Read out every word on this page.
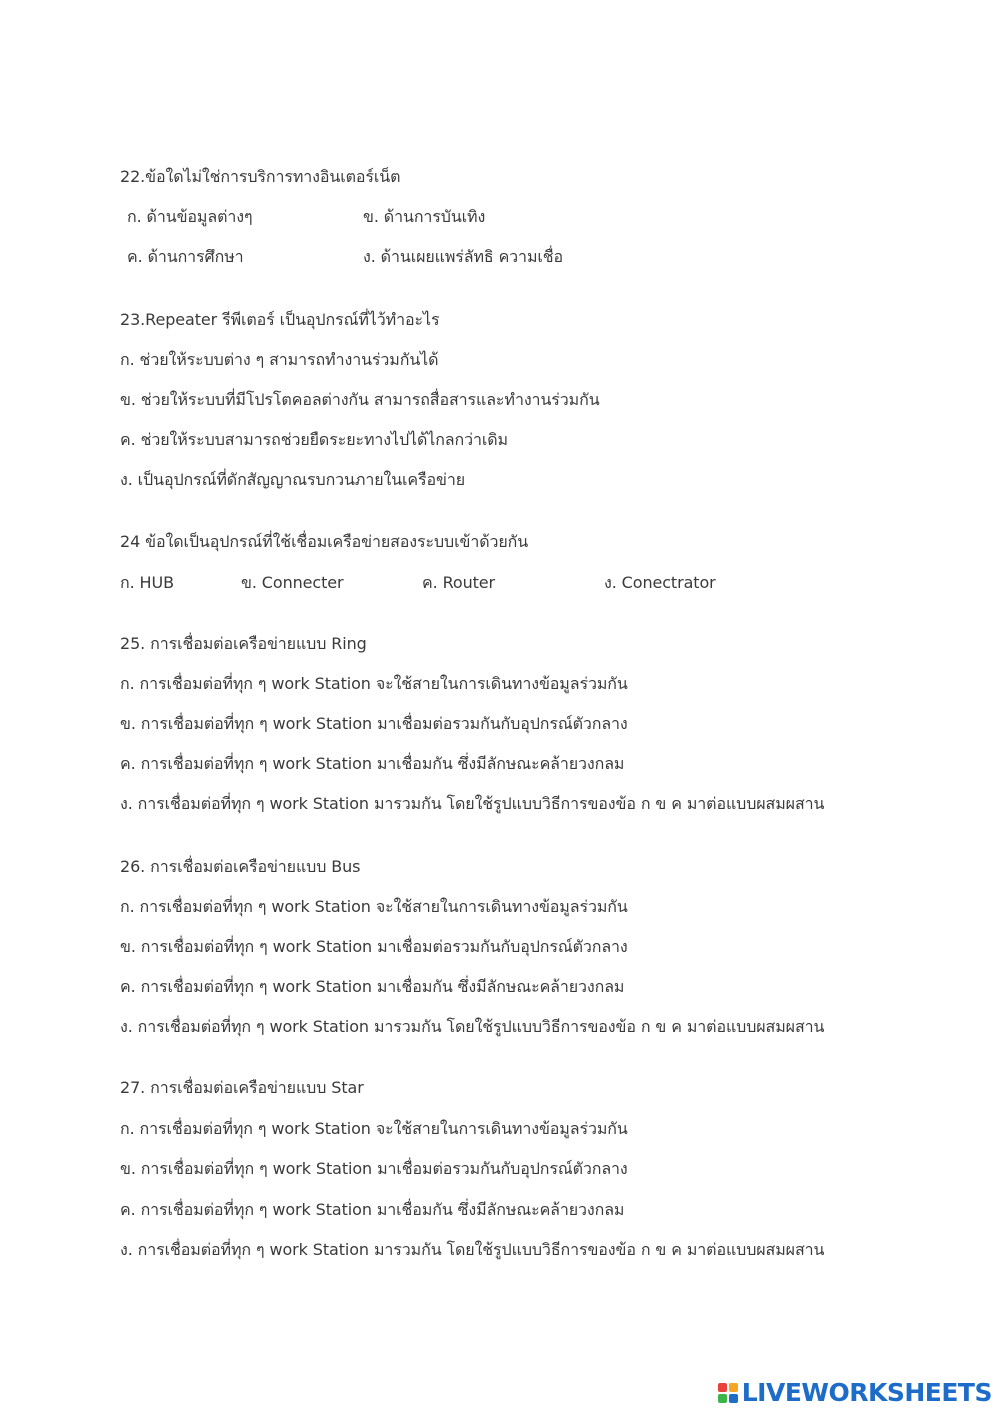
22.ข้อใดไม่ใช่การบริการทางอินเตอร์เน็ต
ก. ด้านข้อมูลต่างๆ	ข. ด้านการบันเทิง
ค. ด้านการศึกษา	ง. ด้านเผยแพร่ลัทธิ ความเชื่อ
23.Repeater รีพีเตอร์ เป็นอุปกรณ์ที่ไว้ทำอะไร
ก. ช่วยให้ระบบต่าง ๆ สามารถทำงานร่วมกันได้
ข. ช่วยให้ระบบที่มีโปรโตคอลต่างกัน สามารถสื่อสารและทำงานร่วมกัน
ค. ช่วยให้ระบบสามารถช่วยยืดระยะทางไปได้ไกลกว่าเดิม
ง. เป็นอุปกรณ์ที่ดักสัญญาณรบกวนภายในเครือข่าย
24 ข้อใดเป็นอุปกรณ์ที่ใช้เชื่อมเครือข่ายสองระบบเข้าด้วยกัน
ก. HUB	ข. Connecter	ค. Router	ง. Conectrator
25. การเชื่อมต่อเครือข่ายแบบ Ring
ก. การเชื่อมต่อที่ทุก ๆ work Station จะใช้สายในการเดินทางข้อมูลร่วมกัน
ข. การเชื่อมต่อที่ทุก ๆ work Station มาเชื่อมต่อรวมกันกับอุปกรณ์ตัวกลาง
ค. การเชื่อมต่อที่ทุก ๆ work Station มาเชื่อมกัน ซึ่งมีลักษณะคล้ายวงกลม
ง. การเชื่อมต่อที่ทุก ๆ work Station มารวมกัน โดยใช้รูปแบบวิธีการของข้อ ก ข ค มาต่อแบบผสมผสาน
26. การเชื่อมต่อเครือข่ายแบบ Bus
ก. การเชื่อมต่อที่ทุก ๆ work Station จะใช้สายในการเดินทางข้อมูลร่วมกัน
ข. การเชื่อมต่อที่ทุก ๆ work Station มาเชื่อมต่อรวมกันกับอุปกรณ์ตัวกลาง
ค. การเชื่อมต่อที่ทุก ๆ work Station มาเชื่อมกัน ซึ่งมีลักษณะคล้ายวงกลม
ง. การเชื่อมต่อที่ทุก ๆ work Station มารวมกัน โดยใช้รูปแบบวิธีการของข้อ ก ข ค มาต่อแบบผสมผสาน
27. การเชื่อมต่อเครือข่ายแบบ Star
ก. การเชื่อมต่อที่ทุก ๆ work Station จะใช้สายในการเดินทางข้อมูลร่วมกัน
ข. การเชื่อมต่อที่ทุก ๆ work Station มาเชื่อมต่อรวมกันกับอุปกรณ์ตัวกลาง
ค. การเชื่อมต่อที่ทุก ๆ work Station มาเชื่อมกัน ซึ่งมีลักษณะคล้ายวงกลม
ง. การเชื่อมต่อที่ทุก ๆ work Station มารวมกัน โดยใช้รูปแบบวิธีการของข้อ ก ข ค มาต่อแบบผสมผสาน
LIVEWORKSHEETS
